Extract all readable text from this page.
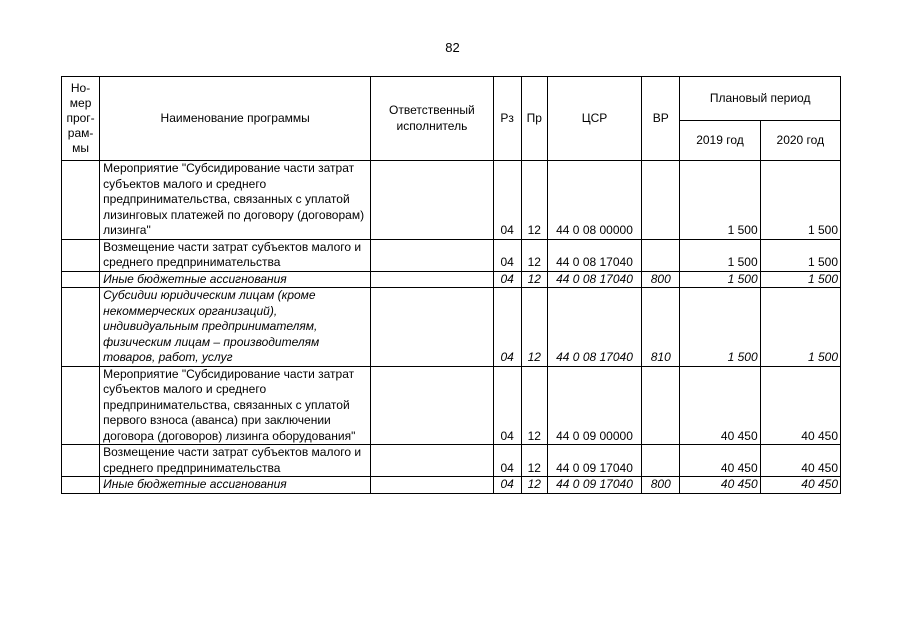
82
Но-мер прог-рам-мы	Наименование программы	Ответственный исполнитель	Рз	Пр	ЦСР	ВР	Плановый период	
							2019 год	2020 год
	Мероприятие "Субсидирование части затрат субъектов малого и среднего предпринимательства, связанных с уплатой лизинговых платежей по договору (договорам) лизинга"		04	12	44 0 08 00000		1 500	1 500
	Возмещение части затрат субъектов малого и среднего предпринимательства		04	12	44 0 08 17040		1 500	1 500
	Иные бюджетные ассигнования		04	12	44 0 08 17040	800	1 500	1 500
	Субсидии юридическим лицам (кроме некоммерческих организаций), индивидуальным предпринимателям, физическим лицам – производителям товаров, работ, услуг		04	12	44 0 08 17040	810	1 500	1 500
	Мероприятие "Субсидирование части затрат субъектов малого и среднего предпринимательства, связанных с уплатой первого взноса (аванса) при заключении договора (договоров) лизинга оборудования"		04	12	44 0 09 00000		40 450	40 450
	Возмещение части затрат субъектов малого и среднего предпринимательства		04	12	44 0 09 17040		40 450	40 450
	Иные бюджетные ассигнования		04	12	44 0 09 17040	800	40 450	40 450
